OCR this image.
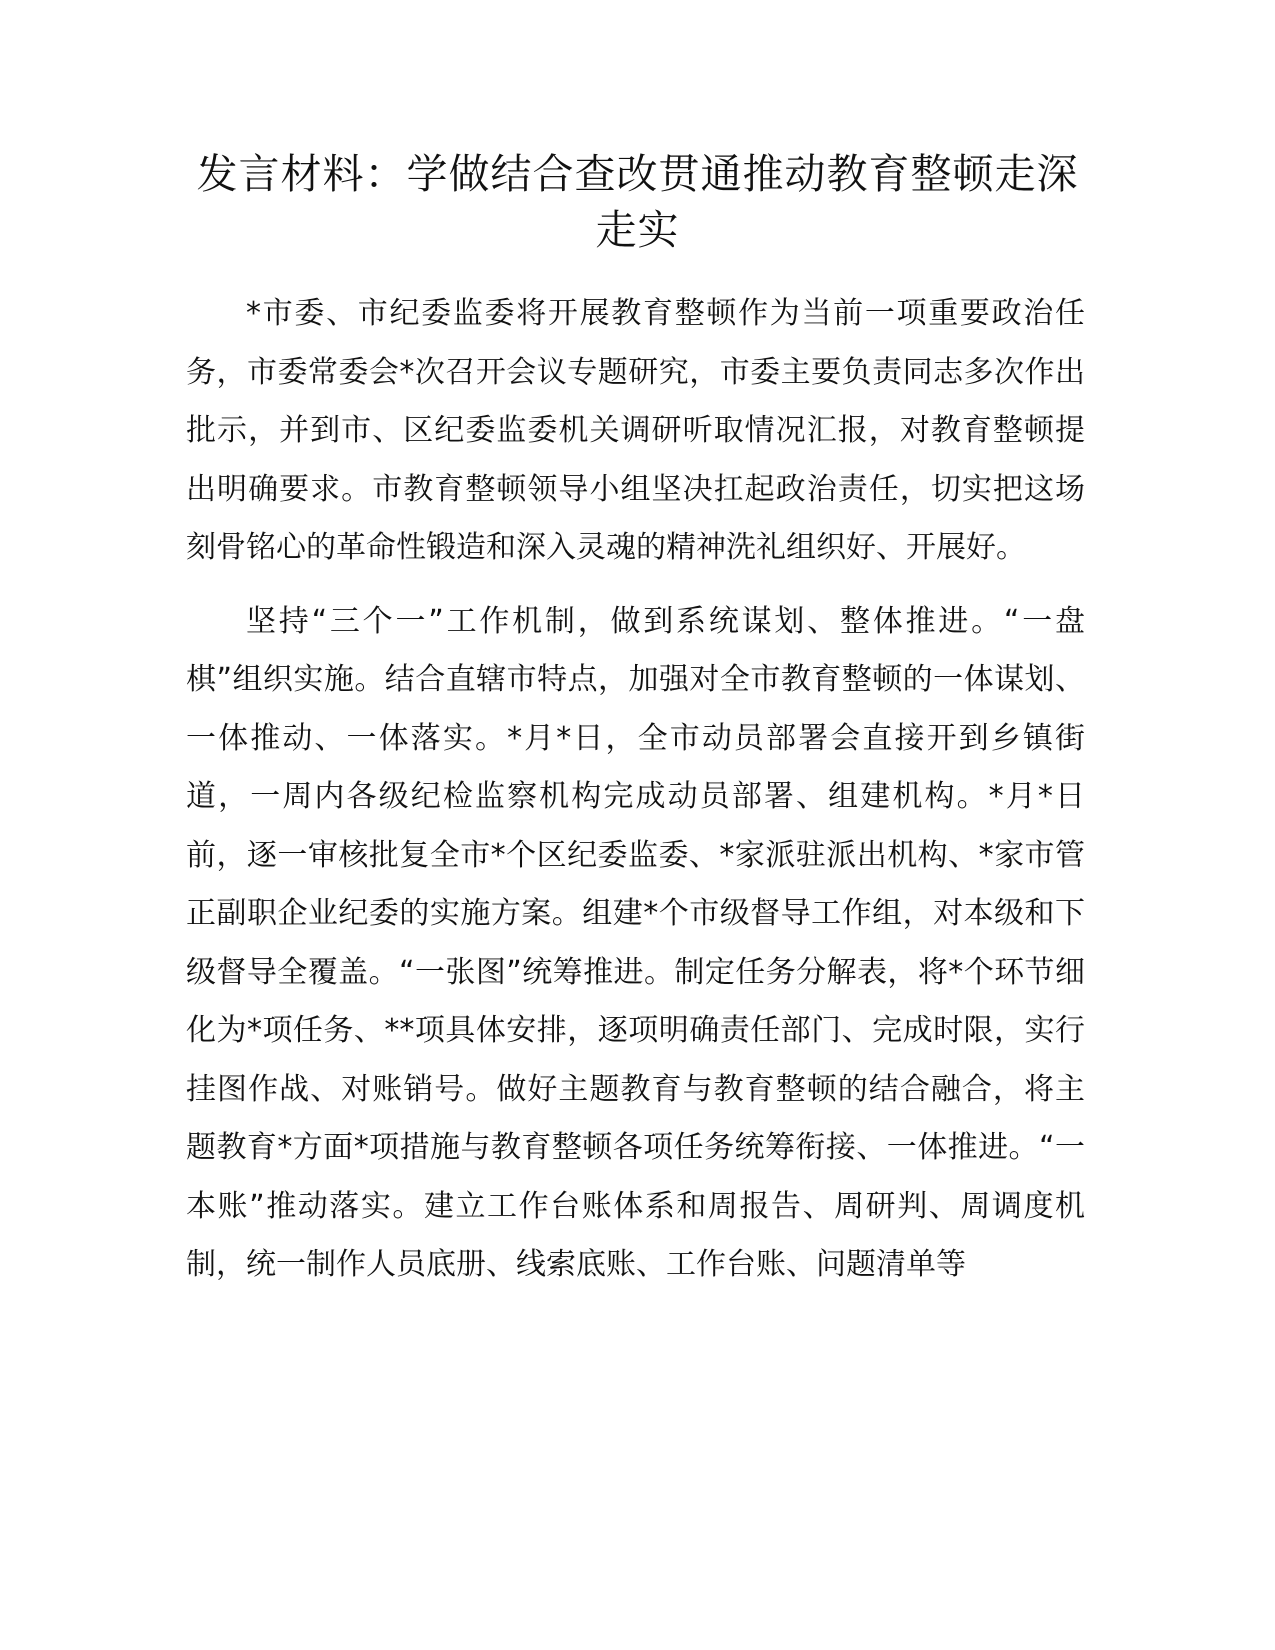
发言材料：学做结合查改贯通推动教育整顿走深走实

*市委、市纪委监委将开展教育整顿作为当前一项重要政治任务，市委常委会*次召开会议专题研究，市委主要负责同志多次作出批示，并到市、区纪委监委机关调研听取情况汇报，对教育整顿提出明确要求。市教育整顿领导小组坚决扛起政治责任，切实把这场刻骨铭心的革命性锻造和深入灵魂的精神洗礼组织好、开展好。

坚持“三个一”工作机制，做到系统谋划、整体推进。“一盘棋”组织实施。结合直辖市特点，加强对全市教育整顿的一体谋划、一体推动、一体落实。*月*日，全市动员部署会直接开到乡镇街道，一周内各级纪检监察机构完成动员部署、组建机构。*月*日前，逐一审核批复全市*个区纪委监委、*家派驻派出机构、*家市管正副职企业纪委的实施方案。组建*个市级督导工作组，对本级和下级督导全覆盖。“一张图”统筹推进。制定任务分解表，将*个环节细化为*项任务、**项具体安排，逐项明确责任部门、完成时限，实行挂图作战、对账销号。做好主题教育与教育整顿的结合融合，将主题教育*方面*项措施与教育整顿各项任务统筹衔接、一体推进。“一本账”推动落实。建立工作台账体系和周报告、周研判、周调度机制，统一制作人员底册、线索底账、工作台账、问题清单等
